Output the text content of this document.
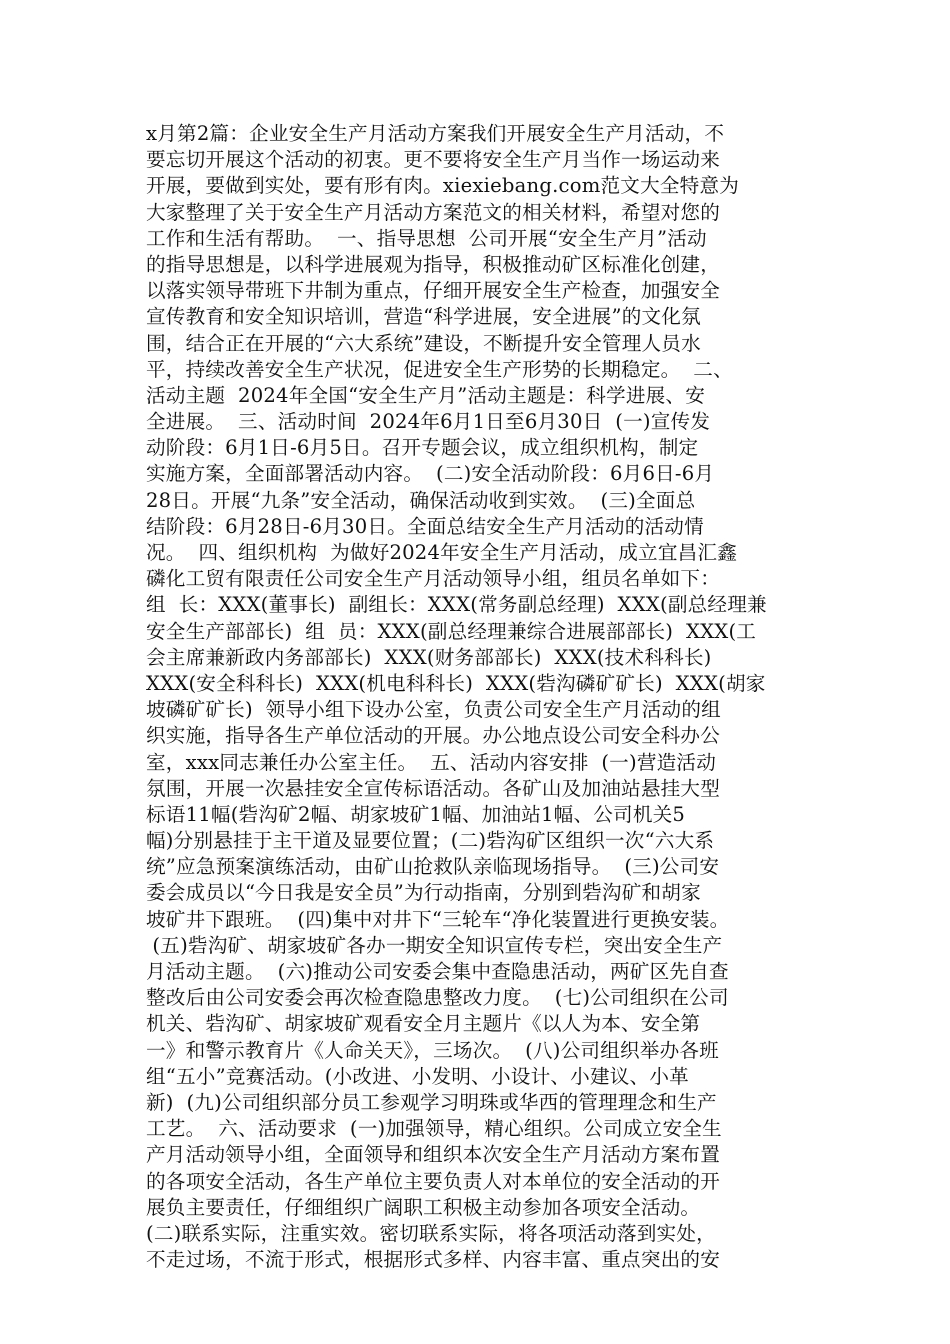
x月第2篇：企业安全生产月活动方案我们开展安全生产月活动，不
要忘切开展这个活动的初衷。更不要将安全生产月当作一场运动来
开展，要做到实处，要有形有肉。xiexiebang.com范文大全特意为
大家整理了关于安全生产月活动方案范文的相关材料，希望对您的
工作和生活有帮助。  一、指导思想  公司开展“安全生产月”活动
的指导思想是，以科学进展观为指导，积极推动矿区标准化创建，
以落实领导带班下井制为重点，仔细开展安全生产检查，加强安全
宣传教育和安全知识培训，营造“科学进展，安全进展”的文化氛
围，结合正在开展的“六大系统”建设，不断提升安全管理人员水
平，持续改善安全生产状况，促进安全生产形势的长期稳定。  二、
活动主题  2024年全国“安全生产月”活动主题是：科学进展、安
全进展。  三、活动时间  2024年6月1日至6月30日  (一)宣传发
动阶段：6月1日-6月5日。召开专题会议，成立组织机构，制定
实施方案，全面部署活动内容。  (二)安全活动阶段：6月6日-6月
28日。开展“九条”安全活动，确保活动收到实效。  (三)全面总
结阶段：6月28日-6月30日。全面总结安全生产月活动的活动情
况。  四、组织机构  为做好2024年安全生产月活动，成立宜昌汇鑫
磷化工贸有限责任公司安全生产月活动领导小组，组员名单如下：
组  长：XXX(董事长)  副组长：XXX(常务副总经理)  XXX(副总经理兼
安全生产部部长)  组  员：XXX(副总经理兼综合进展部部长)  XXX(工
会主席兼新政内务部部长)  XXX(财务部部长)  XXX(技术科科长)
XXX(安全科科长)  XXX(机电科科长)  XXX(砦沟磷矿矿长)  XXX(胡家
坡磷矿矿长)  领导小组下设办公室，负责公司安全生产月活动的组
织实施，指导各生产单位活动的开展。办公地点设公司安全科办公
室，xxx同志兼任办公室主任。  五、活动内容安排  (一)营造活动
氛围，开展一次悬挂安全宣传标语活动。各矿山及加油站悬挂大型
标语11幅(砦沟矿2幅、胡家坡矿1幅、加油站1幅、公司机关5
幅)分别悬挂于主干道及显要位置；(二)砦沟矿区组织一次“六大系
统”应急预案演练活动，由矿山抢救队亲临现场指导。  (三)公司安
委会成员以“今日我是安全员”为行动指南，分别到砦沟矿和胡家
坡矿井下跟班。  (四)集中对井下“三轮车“净化装置进行更换安装。
(五)砦沟矿、胡家坡矿各办一期安全知识宣传专栏，突出安全生产
月活动主题。  (六)推动公司安委会集中查隐患活动，两矿区先自查
整改后由公司安委会再次检查隐患整改力度。  (七)公司组织在公司
机关、砦沟矿、胡家坡矿观看安全月主题片《以人为本、安全第
一》和警示教育片《人命关天》，三场次。  (八)公司组织举办各班
组“五小”竞赛活动。(小改进、小发明、小设计、小建议、小革
新)  (九)公司组织部分员工参观学习明珠或华西的管理理念和生产
工艺。  六、活动要求  (一)加强领导，精心组织。公司成立安全生
产月活动领导小组，全面领导和组织本次安全生产月活动方案布置
的各项安全活动，各生产单位主要负责人对本单位的安全活动的开
展负主要责任，仔细组织广阔职工积极主动参加各项安全活动。
(二)联系实际，注重实效。密切联系实际，将各项活动落到实处，
不走过场，不流于形式，根据形式多样、内容丰富、重点突出的安
